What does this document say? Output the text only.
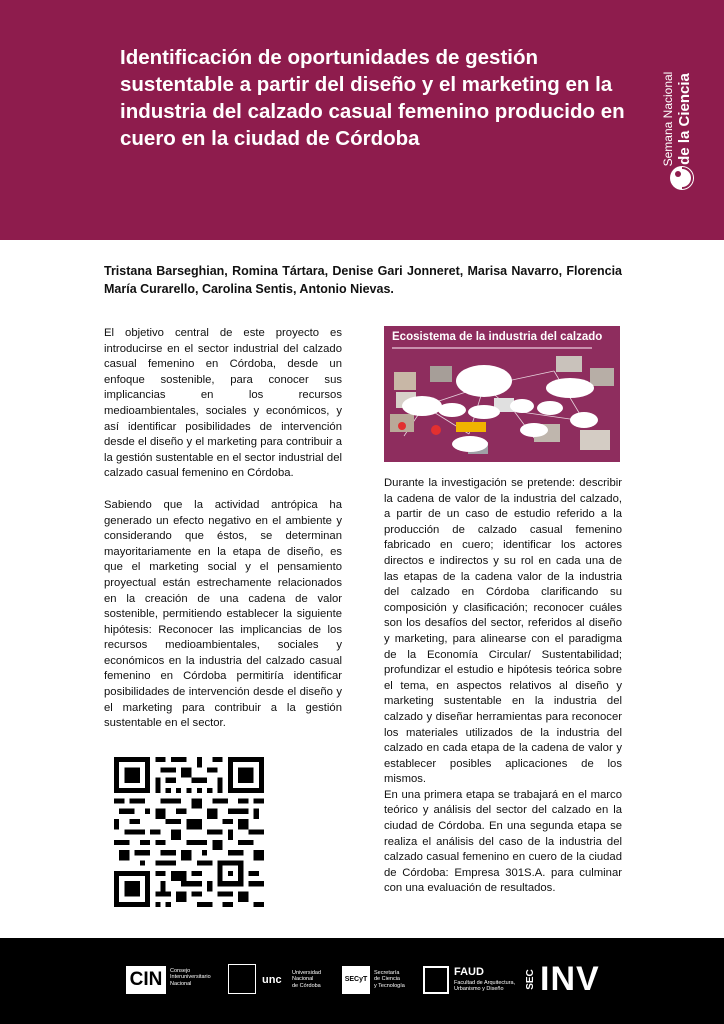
Identificación de oportunidades de gestión sustentable a partir del diseño y el marketing en la industria del calzado casual femenino producido en cuero en la ciudad de Córdoba	Semana Nacional de la Ciencia

Tristana Barseghian, Romina Tártara, Denise Gari Jonneret, Marisa Navarro, Florencia María Curarello, Carolina Sentis, Antonio Nievas.

El objetivo central de este proyecto es introducirse en el sector industrial del calzado casual femenino en Córdoba, desde un enfoque sostenible, para conocer sus implicancias en los recursos medioambientales, sociales y económicos, y así identificar posibilidades de intervención desde el diseño y el marketing para contribuir a la gestión sustentable en el sector industrial del calzado casual femenino en Córdoba.

Sabiendo que la actividad antrópica ha generado un efecto negativo en el ambiente y considerando que éstos, se determinan mayoritariamente en la etapa de diseño, es que el marketing social y el pensamiento proyectual están estrechamente relacionados en la creación de una cadena de valor sostenible, permitiendo establecer la siguiente hipótesis: Reconocer las implicancias de los recursos medioambientales, sociales y económicos en la industria del calzado casual femenino en Córdoba permitiría identificar posibilidades de intervención desde el diseño y el marketing para contribuir a la gestión sustentable en el sector.

Ecosistema de la industria del calzado

Durante la investigación se pretende: describir la cadena de valor de la industria del calzado, a partir de un caso de estudio referido a la producción de calzado casual femenino fabricado en cuero; identificar los actores directos e indirectos y su rol en cada una de las etapas de la cadena valor de la industria del calzado en Córdoba clarificando su composición y clasificación; reconocer cuáles son los desafíos del sector, referidos al diseño y marketing, para alinearse con el paradigma de la Economía Circular/ Sustentabilidad; profundizar el estudio e hipótesis teórica sobre el tema, en aspectos relativos al diseño y marketing sustentable en la industria del calzado y diseñar herramientas para reconocer los materiales utilizados de la industria del calzado en cada etapa de la cadena de valor y establecer posibles aplicaciones de los mismos.

En una primera etapa se trabajará en el marco teórico y análisis del sector del calzado en la ciudad de Córdoba. En una segunda etapa se realiza el análisis del caso de la industria del calzado casual femenino en cuero de la ciudad de Córdoba: Empresa 301S.A. para culminar con una evaluación de resultados.

CIN	Consejo
Interuniversitario
Nacional	unc
Universidad
Nacional
de Córdoba
SECyT
Secretaría
de Ciencia
y Tecnología
FAUD
Facultad de Arquitectura,
Urbanismo y Diseño	SEC INV
